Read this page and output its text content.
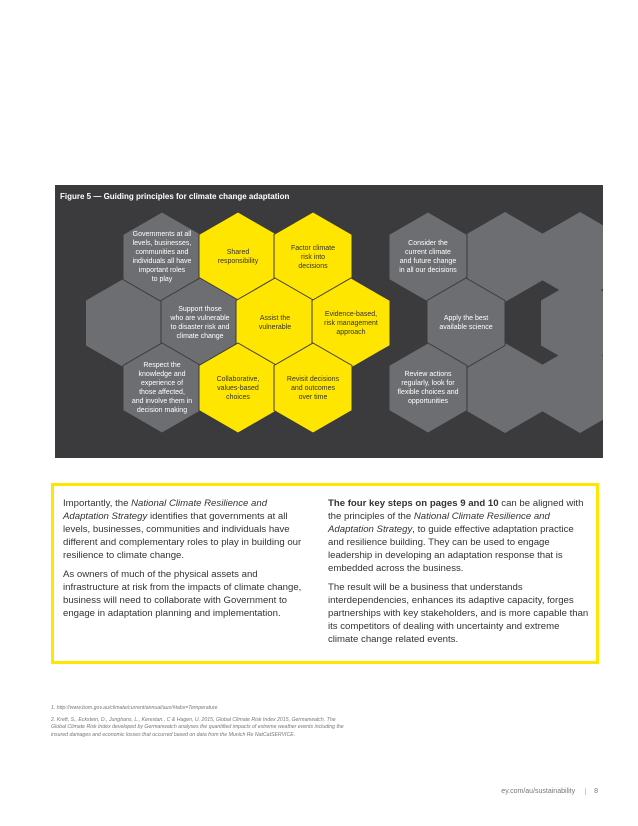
Figure 5 — Guiding principles for climate change adaptation
Governments at all
levels, businesses,
communities and
individuals all have
important roles
to play
Shared
responsibility
Factor climate
risk into
decisions
Consider the
current climate
and future change
in all our decisions
Support those
who are vulnerable
to disaster risk and
climate change
Assist the
vulnerable
Evidence-based,
risk management
approach
Apply the best
available science
Respect the
knowledge and
experience of
those affected,
and involve them in
decision making
Collaborative,
values-based
choices
Revisit decisions
and outcomes
over time
Review actions
regularly, look for
flexible choices and
opportunities

Importantly, the National Climate Resilience and Adaptation Strategy identifies that governments at all levels, businesses, communities and individuals have different and complementary roles to play in building our resilience to climate change.

As owners of much of the physical assets and infrastructure at risk from the impacts of climate change, business will need to collaborate with Government to engage in adaptation planning and implementation.

The four key steps on pages 9 and 10 can be aligned with the principles of the National Climate Resilience and Adaptation Strategy, to guide effective adaptation practice and resilience building. They can be used to engage leadership in developing an adaptation response that is embedded across the business.

The result will be a business that understands interdependencies, enhances its adaptive capacity, forges partnerships with key stakeholders, and is more capable than its competitors of dealing with uncertainty and extreme climate change related events.

1. http://www.bom.gov.au/climate/current/annual/aus/#tabs=Temperature

2. Kreft, S., Eckstein, D., Junghans, L., Kerestan., C & Hagen, U. 2015, Global Climate Risk Index 2015, Germanwatch. The Global Climate Risk Index developed by Germanwatch analyses the quantified impacts of extreme weather events including the insured damages and economic losses that occurred based on data from the Munich Re NatCatSERVICE.

ey.com/au/sustainability	8
